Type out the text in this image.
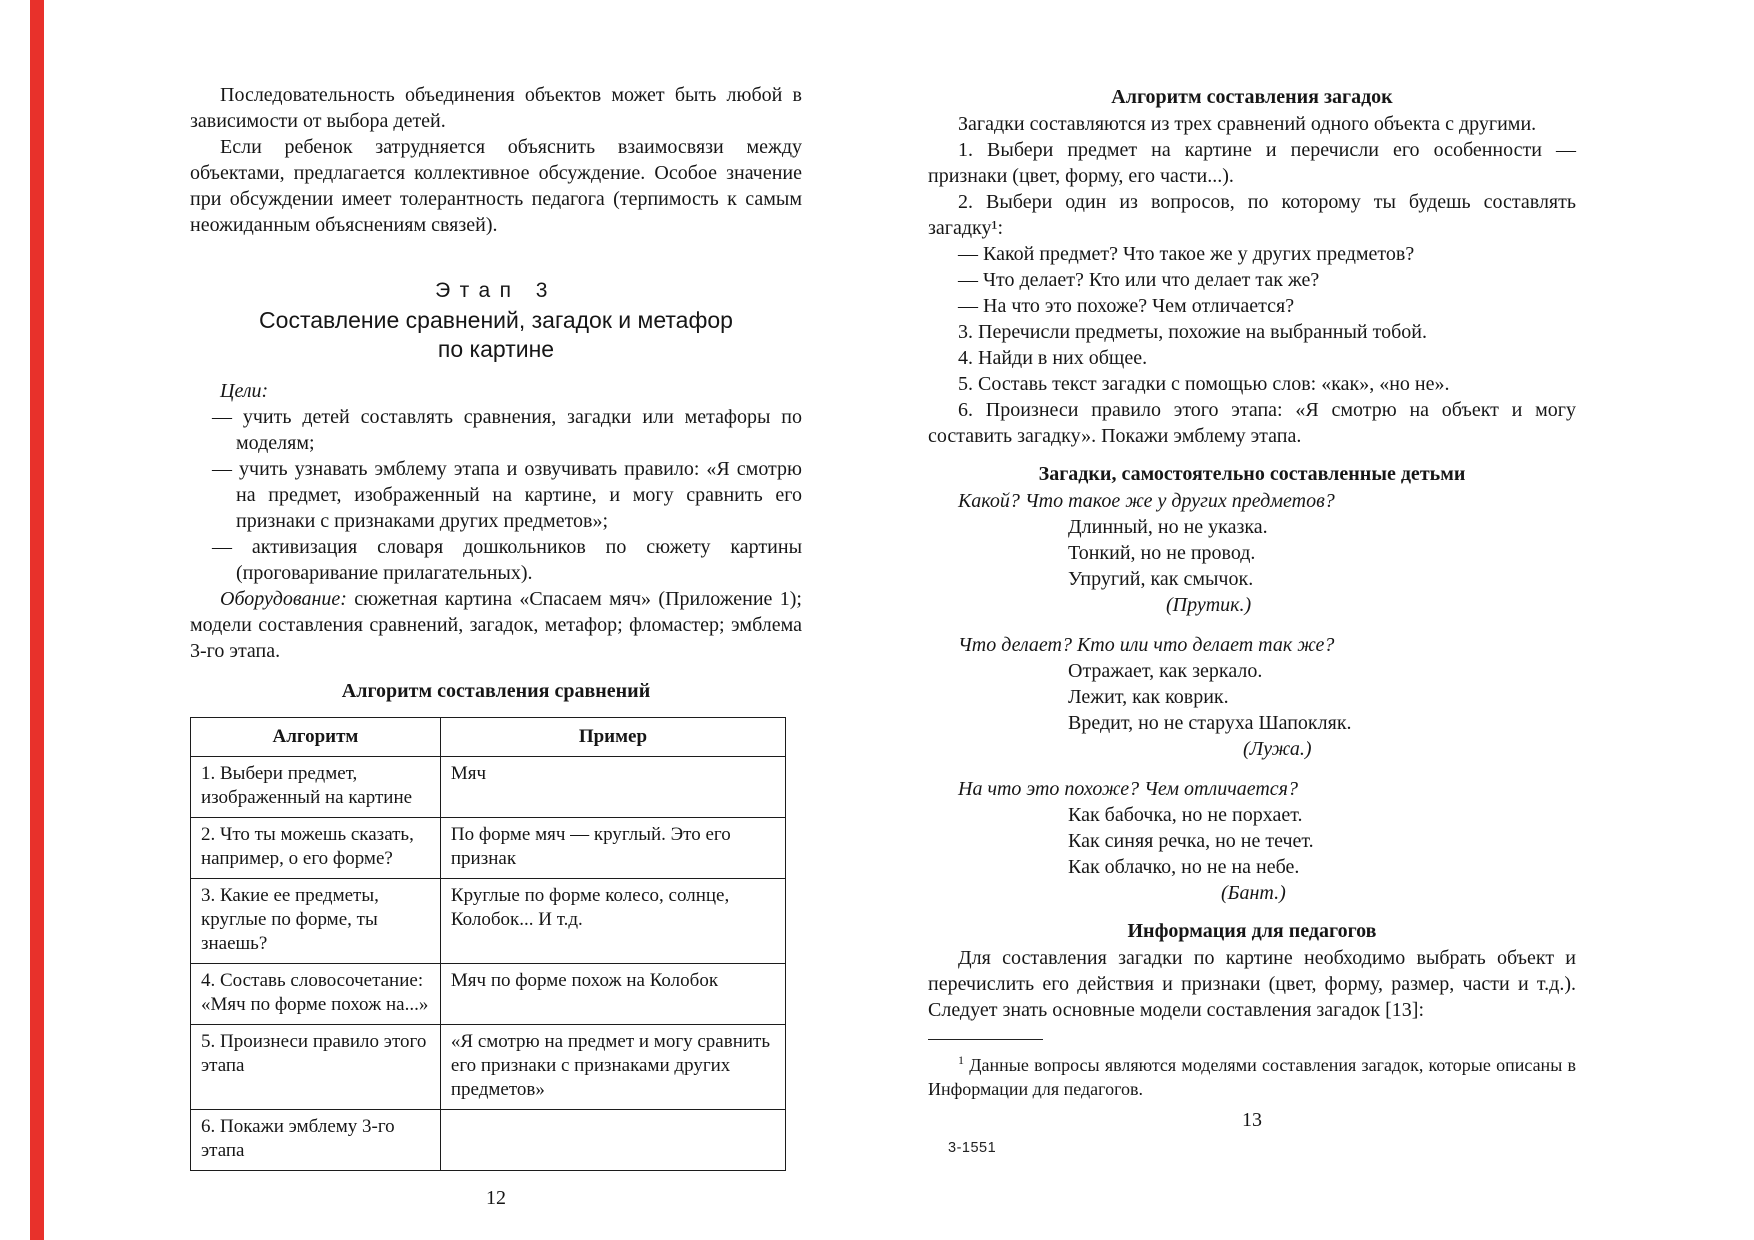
Последовательность объединения объектов может быть любой в зависимости от выбора детей.

Если ребенок затрудняется объяснить взаимосвязи между объектами, предлагается коллективное обсуждение. Особое значение при обсуждении имеет толерантность педагога (терпимость к самым неожиданным объяснениям связей).

Этап 3
Составление сравнений, загадок и метафор
по картине

Цели:

— учить детей составлять сравнения, загадки или метафоры по моделям;

— учить узнавать эмблему этапа и озвучивать правило: «Я смотрю на предмет, изображенный на картине, и могу сравнить его признаки с признаками других предметов»;

— активизация словаря дошкольников по сюжету картины (проговаривание прилагательных).

Оборудование: сюжетная картина «Спасаем мяч» (Приложение 1); модели составления сравнений, загадок, метафор; фломастер; эмблема 3-го этапа.

Алгоритм составления сравнений

Алгоритм	Пример
1. Выбери предмет, изображенный на картине	Мяч
2. Что ты можешь сказать, например, о его форме?	По форме мяч — круглый. Это его признак
3. Какие ее предметы, круглые по форме, ты знаешь?	Круглые по форме колесо, солнце, Колобок... И т.д.
4. Составь словосочетание: «Мяч по форме похож на...»	Мяч по форме похож на Колобок
5. Произнеси правило этого этапа	«Я смотрю на предмет и могу сравнить его признаки с признаками других предметов»
6. Покажи эмблему 3-го этапа	

12

Алгоритм составления загадок

Загадки составляются из трех сравнений одного объекта с другими.

1. Выбери предмет на картине и перечисли его особенности — признаки (цвет, форму, его части...).

2. Выбери один из вопросов, по которому ты будешь составлять загадку¹:

— Какой предмет? Что такое же у других предметов?

— Что делает? Кто или что делает так же?

— На что это похоже? Чем отличается?

3. Перечисли предметы, похожие на выбранный тобой.

4. Найди в них общее.

5. Составь текст загадки с помощью слов: «как», «но не».

6. Произнеси правило этого этапа: «Я смотрю на объект и могу составить загадку». Покажи эмблему этапа.

Загадки, самостоятельно составленные детьми

Какой? Что такое же у других предметов?

Длинный, но не указка.

Тонкий, но не провод.

Упругий, как смычок.

(Прутик.)

Что делает? Кто или что делает так же?

Отражает, как зеркало.

Лежит, как коврик.

Вредит, но не старуха Шапокляк.

(Лужа.)

На что это похоже? Чем отличается?

Как бабочка, но не порхает.

Как синяя речка, но не течет.

Как облачко, но не на небе.

(Бант.)

Информация для педагогов

Для составления загадки по картине необходимо выбрать объект и перечислить его действия и признаки (цвет, форму, размер, части и т.д.). Следует знать основные модели составления загадок [13]:

$^1$ Данные вопросы являются моделями составления загадок, которые описаны в Информации для педагогов.

13

3-1551
